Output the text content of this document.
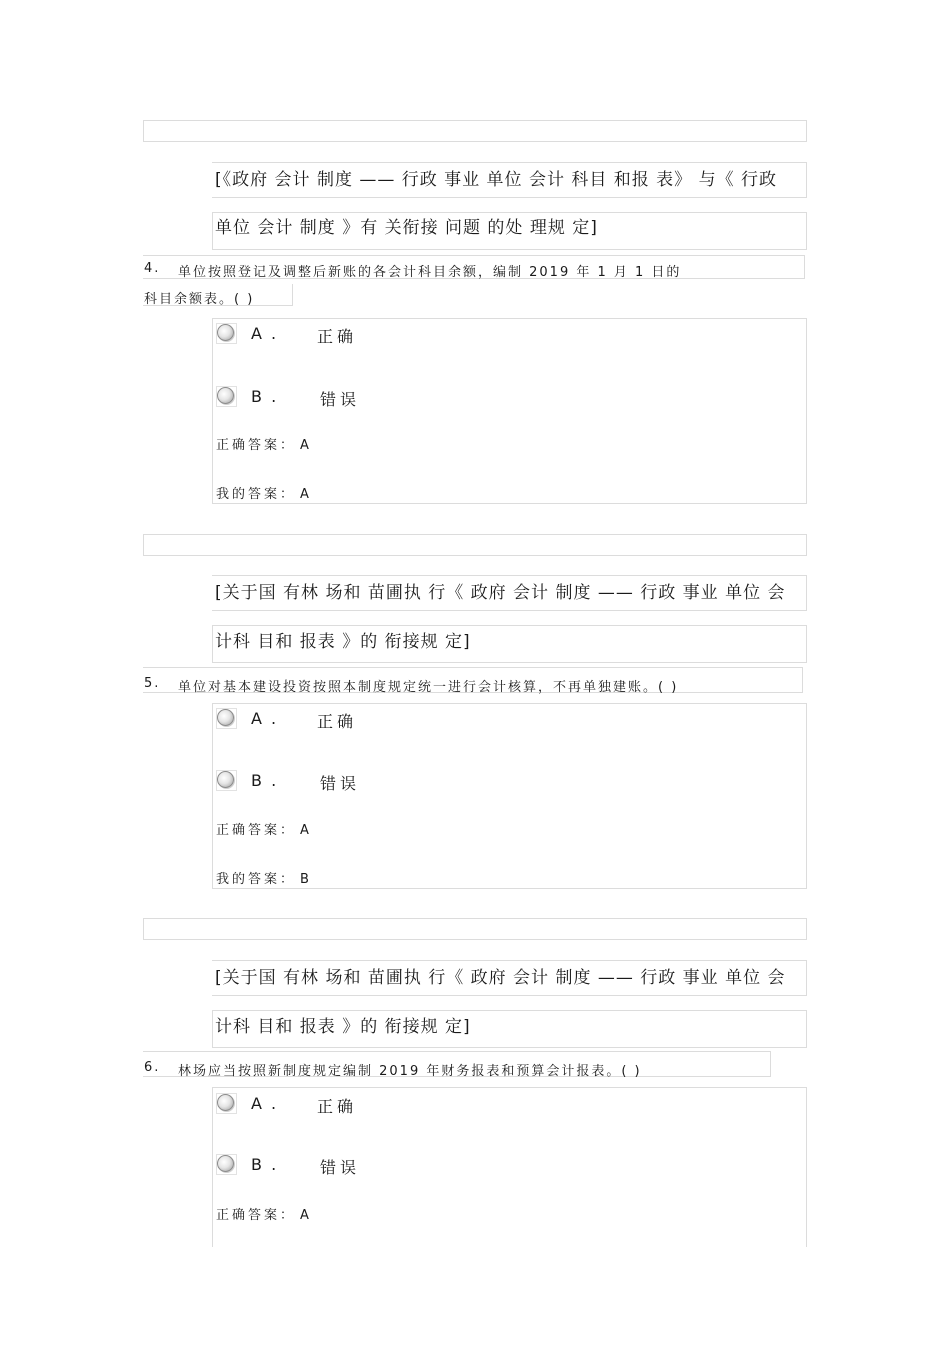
[《政府 会计 制度 —— 行政 事业 单位 会计 科目 和报 表》 与《 行政
单位 会计 制度 》有 关衔接 问题 的处 理规 定]
4. 单位按照登记及调整后新账的各会计科目余额，编制 2019 年 1 月 1 日的
科目余额表。( )
A . 正确
B .	错误
正确答案： A
我的答案： A
[关于国 有林 场和 苗圃执 行《 政府 会计 制度 —— 行政 事业 单位 会
计科 目和 报表 》的 衔接规 定]
5. 单位对基本建设投资按照本制度规定统一进行会计核算，不再单独建账。( )
A . 正确
B .	错误
正确答案： A
我的答案： B
[关于国 有林 场和 苗圃执 行《 政府 会计 制度 —— 行政 事业 单位 会
计科 目和 报表 》的 衔接规 定]
6. 林场应当按照新制度规定编制 2019 年财务报表和预算会计报表。( )
A . 正确
B .	错误
正确答案： A
